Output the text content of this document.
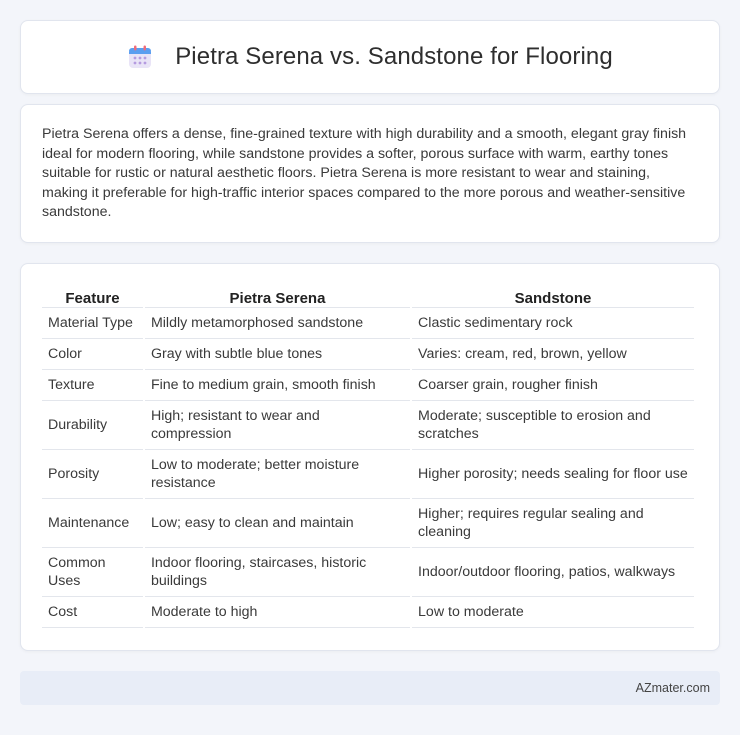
Pietra Serena vs. Sandstone for Flooring

Pietra Serena offers a dense, fine-grained texture with high durability and a smooth, elegant gray finish ideal for modern flooring, while sandstone provides a softer, porous surface with warm, earthy tones suitable for rustic or natural aesthetic floors. Pietra Serena is more resistant to wear and staining, making it preferable for high-traffic interior spaces compared to the more porous and weather-sensitive sandstone.

Feature	Pietra Serena	Sandstone
Material Type	Mildly metamorphosed sandstone	Clastic sedimentary rock
Color	Gray with subtle blue tones	Varies: cream, red, brown, yellow
Texture	Fine to medium grain, smooth finish	Coarser grain, rougher finish
Durability	High; resistant to wear and compression	Moderate; susceptible to erosion and scratches
Porosity	Low to moderate; better moisture resistance	Higher porosity; needs sealing for floor use
Maintenance	Low; easy to clean and maintain	Higher; requires regular sealing and cleaning
Common Uses	Indoor flooring, staircases, historic buildings	Indoor/outdoor flooring, patios, walkways
Cost	Moderate to high	Low to moderate
AZmater.com
